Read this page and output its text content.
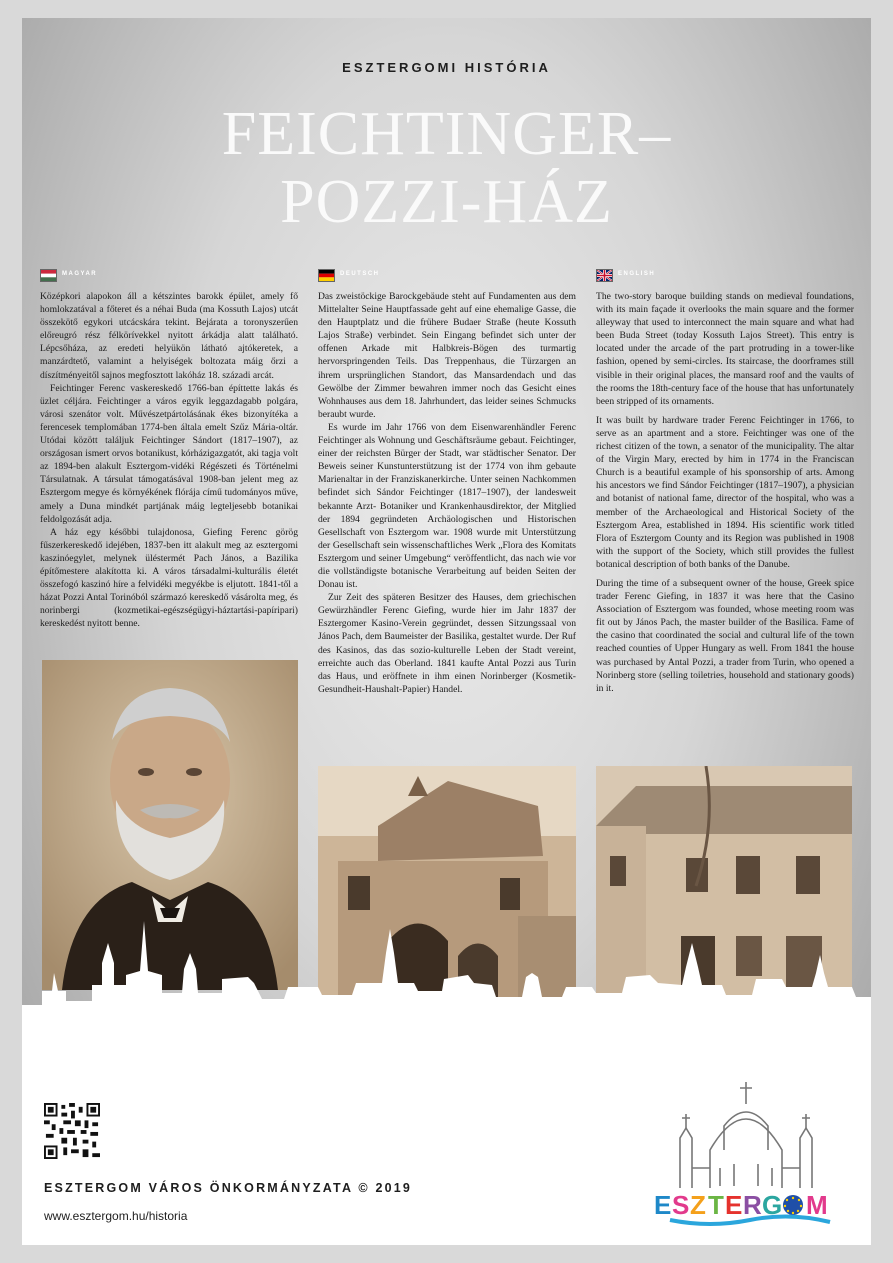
ESZTERGOMI HISTÓRIA
FEICHTINGER–
POZZI-HÁZ
MAGYAR

Középkori alapokon áll a kétszintes barokk épület, amely fő homlokzatával a főteret és a néhai Buda (ma Kossuth Lajos) utcát összekötő egykori utcácskára tekint. Bejárata a toronyszerűen előreugró rész félkörívekkel nyitott árkádja alatt található. Lépcsőháza, az eredeti helyükön látható ajtókeretek, a manzárdtető, valamint a helyiségek boltozata máig őrzi a díszítményeitől sajnos megfosztott lakóház 18. századi arcát.

Feichtinger Ferenc vaskereskedő 1766-ban építtette lakás és üzlet céljára. Feichtinger a város egyik leggazdagabb polgára, városi szenátor volt. Művészetpártolásának ékes bizonyítéka a ferencesek templomában 1774-ben általa emelt Szűz Mária-oltár. Utódai között találjuk Feichtinger Sándort (1817–1907), az országosan ismert orvos botanikust, kórházigazgatót, aki tagja volt az 1894-ben alakult Esztergom-vidéki Régészeti és Történelmi Társulatnak. A társulat támogatásával 1908-ban jelent meg az Esztergom megye és környékének flórája című tudományos műve, amely a Duna mindkét partjának máig legteljesebb botanikai feldolgozását adja.

A ház egy későbbi tulajdonosa, Giefing Ferenc görög fűszerkereskedő idejében, 1837-ben itt alakult meg az esztergomi kaszinóegylet, melynek üléstermét Pach János, a Bazilika építőmestere alakította ki. A város társadalmi-kulturális életét összefogó kaszinó híre a felvidéki megyékbe is eljutott. 1841-től a házat Pozzi Antal Torinóból származó kereskedő vásárolta meg, és norinbergi (kozmetikai-egészségügyi-háztartási-papíripari) kereskedést nyitott benne.

DEUTSCH

Das zweistöckige Barockgebäude steht auf Fundamenten aus dem Mittelalter Seine Hauptfassade geht auf eine ehemalige Gasse, die den Hauptplatz und die frühere Budaer Straße (heute Kossuth Lajos Straße) verbindet. Sein Eingang befindet sich unter der offenen Arkade mit Halbkreis-Bögen des turmartig hervorspringenden Teils. Das Treppenhaus, die Türzargen an ihrem ursprünglichen Standort, das Mansardendach und das Gewölbe der Zimmer bewahren immer noch das Gesicht eines Wohnhauses aus dem 18. Jahrhundert, das leider seines Schmucks beraubt wurde.

Es wurde im Jahr 1766 von dem Eisenwarenhändler Ferenc Feichtinger als Wohnung und Geschäftsräume gebaut. Feichtinger, einer der reichsten Bürger der Stadt, war städtischer Senator. Der Beweis seiner Kunstunterstützung ist der 1774 von ihm gebaute Marienaltar in der Franziskanerkirche. Unter seinen Nachkommen befindet sich Sándor Feichtinger (1817–1907), der landesweit bekannte Arzt- Botaniker und Krankenhausdirektor, der Mitglied der 1894 gegründeten Archäologischen und Historischen Gesellschaft von Esztergom war. 1908 wurde mit Unterstützung der Gesellschaft sein wissenschaftliches Werk „Flora des Komitats Esztergom und seiner Umgebung“ veröffentlicht, das nach wie vor die vollständigste botanische Verarbeitung auf beiden Seiten der Donau ist.

Zur Zeit des späteren Besitzer des Hauses, dem griechischen Gewürzhändler Ferenc Giefing, wurde hier im Jahr 1837 der Esztergomer Kasino-Verein gegründet, dessen Sitzungssaal von János Pach, dem Baumeister der Basilika, gestaltet wurde. Der Ruf des Kasinos, das das sozio-kulturelle Leben der Stadt vereint, erreichte auch das Oberland. 1841 kaufte Antal Pozzi aus Turin das Haus, und eröffnete in ihm einen Norinberger (Kosmetik-Gesundheit-Haushalt-Papier) Handel.

ENGLISH

The two-story baroque building stands on medieval foundations, with its main façade it overlooks the main square and the former alleyway that used to interconnect the main square and what had been Buda Street (today Kossuth Lajos Street). This entry is located under the arcade of the part protruding in a tower-like fashion, opened by semi-circles. Its staircase, the doorframes still visible in their original places, the mansard roof and the vaults of the rooms the 18th-century face of the house that has unfortunately been stripped of its ornaments.

It was built by hardware trader Ferenc Feichtinger in 1766, to serve as an apartment and a store. Feichtinger was one of the richest citizen of the town, a senator of the municipality. The altar of the Virgin Mary, erected by him in 1774 in the Franciscan Church is a beautiful example of his sponsorship of arts. Among his ancestors we find Sándor Feichtinger (1817–1907), a physician and botanist of national fame, director of the hospital, who was a member of the Archaeological and Historical Society of the Esztergom Area, established in 1894. His scientific work titled Flora of Esztergom County and its Region was published in 1908 with the support of the Society, which still provides the fullest botanical description of both banks of the Danube.

During the time of a subsequent owner of the house, Greek spice trader Ferenc Giefing, in 1837 it was here that the Casino Association of Esztergom was founded, whose meeting room was fit out by János Pach, the master builder of the Basilica. Fame of the casino that coordinated the social and cultural life of the town reached counties of Upper Hungary as well. From 1841 the house was purchased by Antal Pozzi, a trader from Turin, who opened a Norinberg store (selling toiletries, household and stationary goods) in it.

ESZTERGOM VÁROS ÖNKORMÁNYZATA © 2019
www.esztergom.hu/historia	E S Z T E R G M
